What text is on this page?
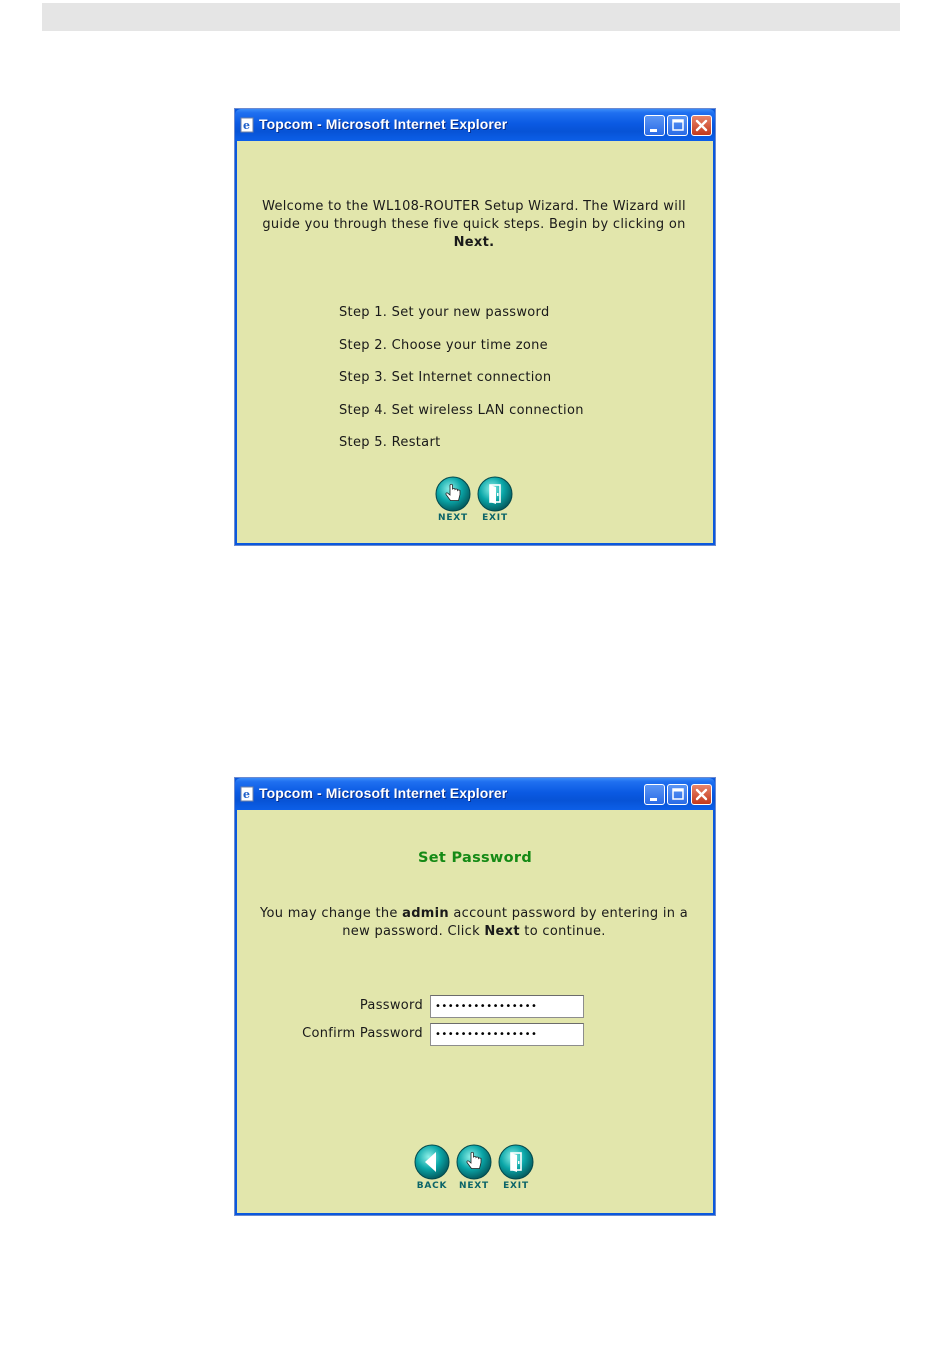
e Topcom - Microsoft Internet Explorer

Welcome to the WL108-ROUTER Setup Wizard. The Wizard will guide you through these five quick steps. Begin by clicking on
Next.

Step 1. Set your new password
Step 2. Choose your time zone
Step 3. Set Internet connection
Step 4. Set wireless LAN connection
Step 5. Restart
NEXT	EXIT
e Topcom - Microsoft Internet Explorer
Set Password

You may change the admin account password by entering in a new password. Click Next to continue.

Password
••••••••••••••••
Confirm Password
••••••••••••••••
BACK	NEXT	EXIT
